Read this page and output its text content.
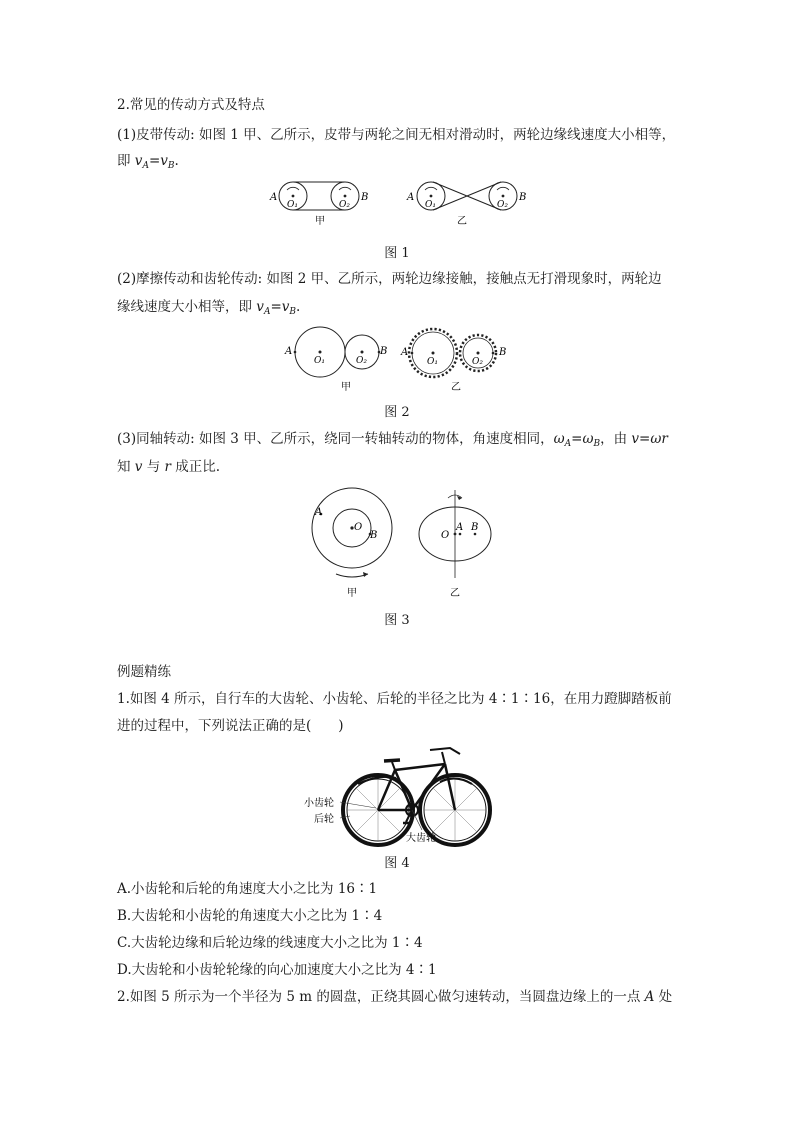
2.常见的传动方式及特点
(1)皮带传动: 如图 1 甲、乙所示，皮带与两轮之间无相对滑动时，两轮边缘线速度大小相等，
即 $v_A=v_B$.
A	B
O₁	O₂
甲
A	B
O₁	O₂
乙
图 1
(2)摩擦传动和齿轮传动: 如图 2 甲、乙所示，两轮边缘接触，接触点无打滑现象时，两轮边
缘线速度大小相等，即 $v_A=v_B$.
A	B
O₁	O₂
甲
A	B
O₁	O₂
乙
图 2
(3)同轴转动: 如图 3 甲、乙所示，绕同一转轴转动的物体，角速度相同，$\omega_A=\omega_B$，由 v=ωr
知 v 与 r 成正比.
A
B
O
甲
O
A B
乙
图 3
例题精练
1.如图 4 所示，自行车的大齿轮、小齿轮、后轮的半径之比为 4∶1∶16，在用力蹬脚踏板前
进的过程中，下列说法正确的是(　　)
小齿轮
后轮
大齿轮
图 4
A.小齿轮和后轮的角速度大小之比为 16∶1
B.大齿轮和小齿轮的角速度大小之比为 1∶4
C.大齿轮边缘和后轮边缘的线速度大小之比为 1∶4
D.大齿轮和小齿轮轮缘的向心加速度大小之比为 4∶1
2.如图 5 所示为一个半径为 5 m 的圆盘，正绕其圆心做匀速转动，当圆盘边缘上的一点 A 处
